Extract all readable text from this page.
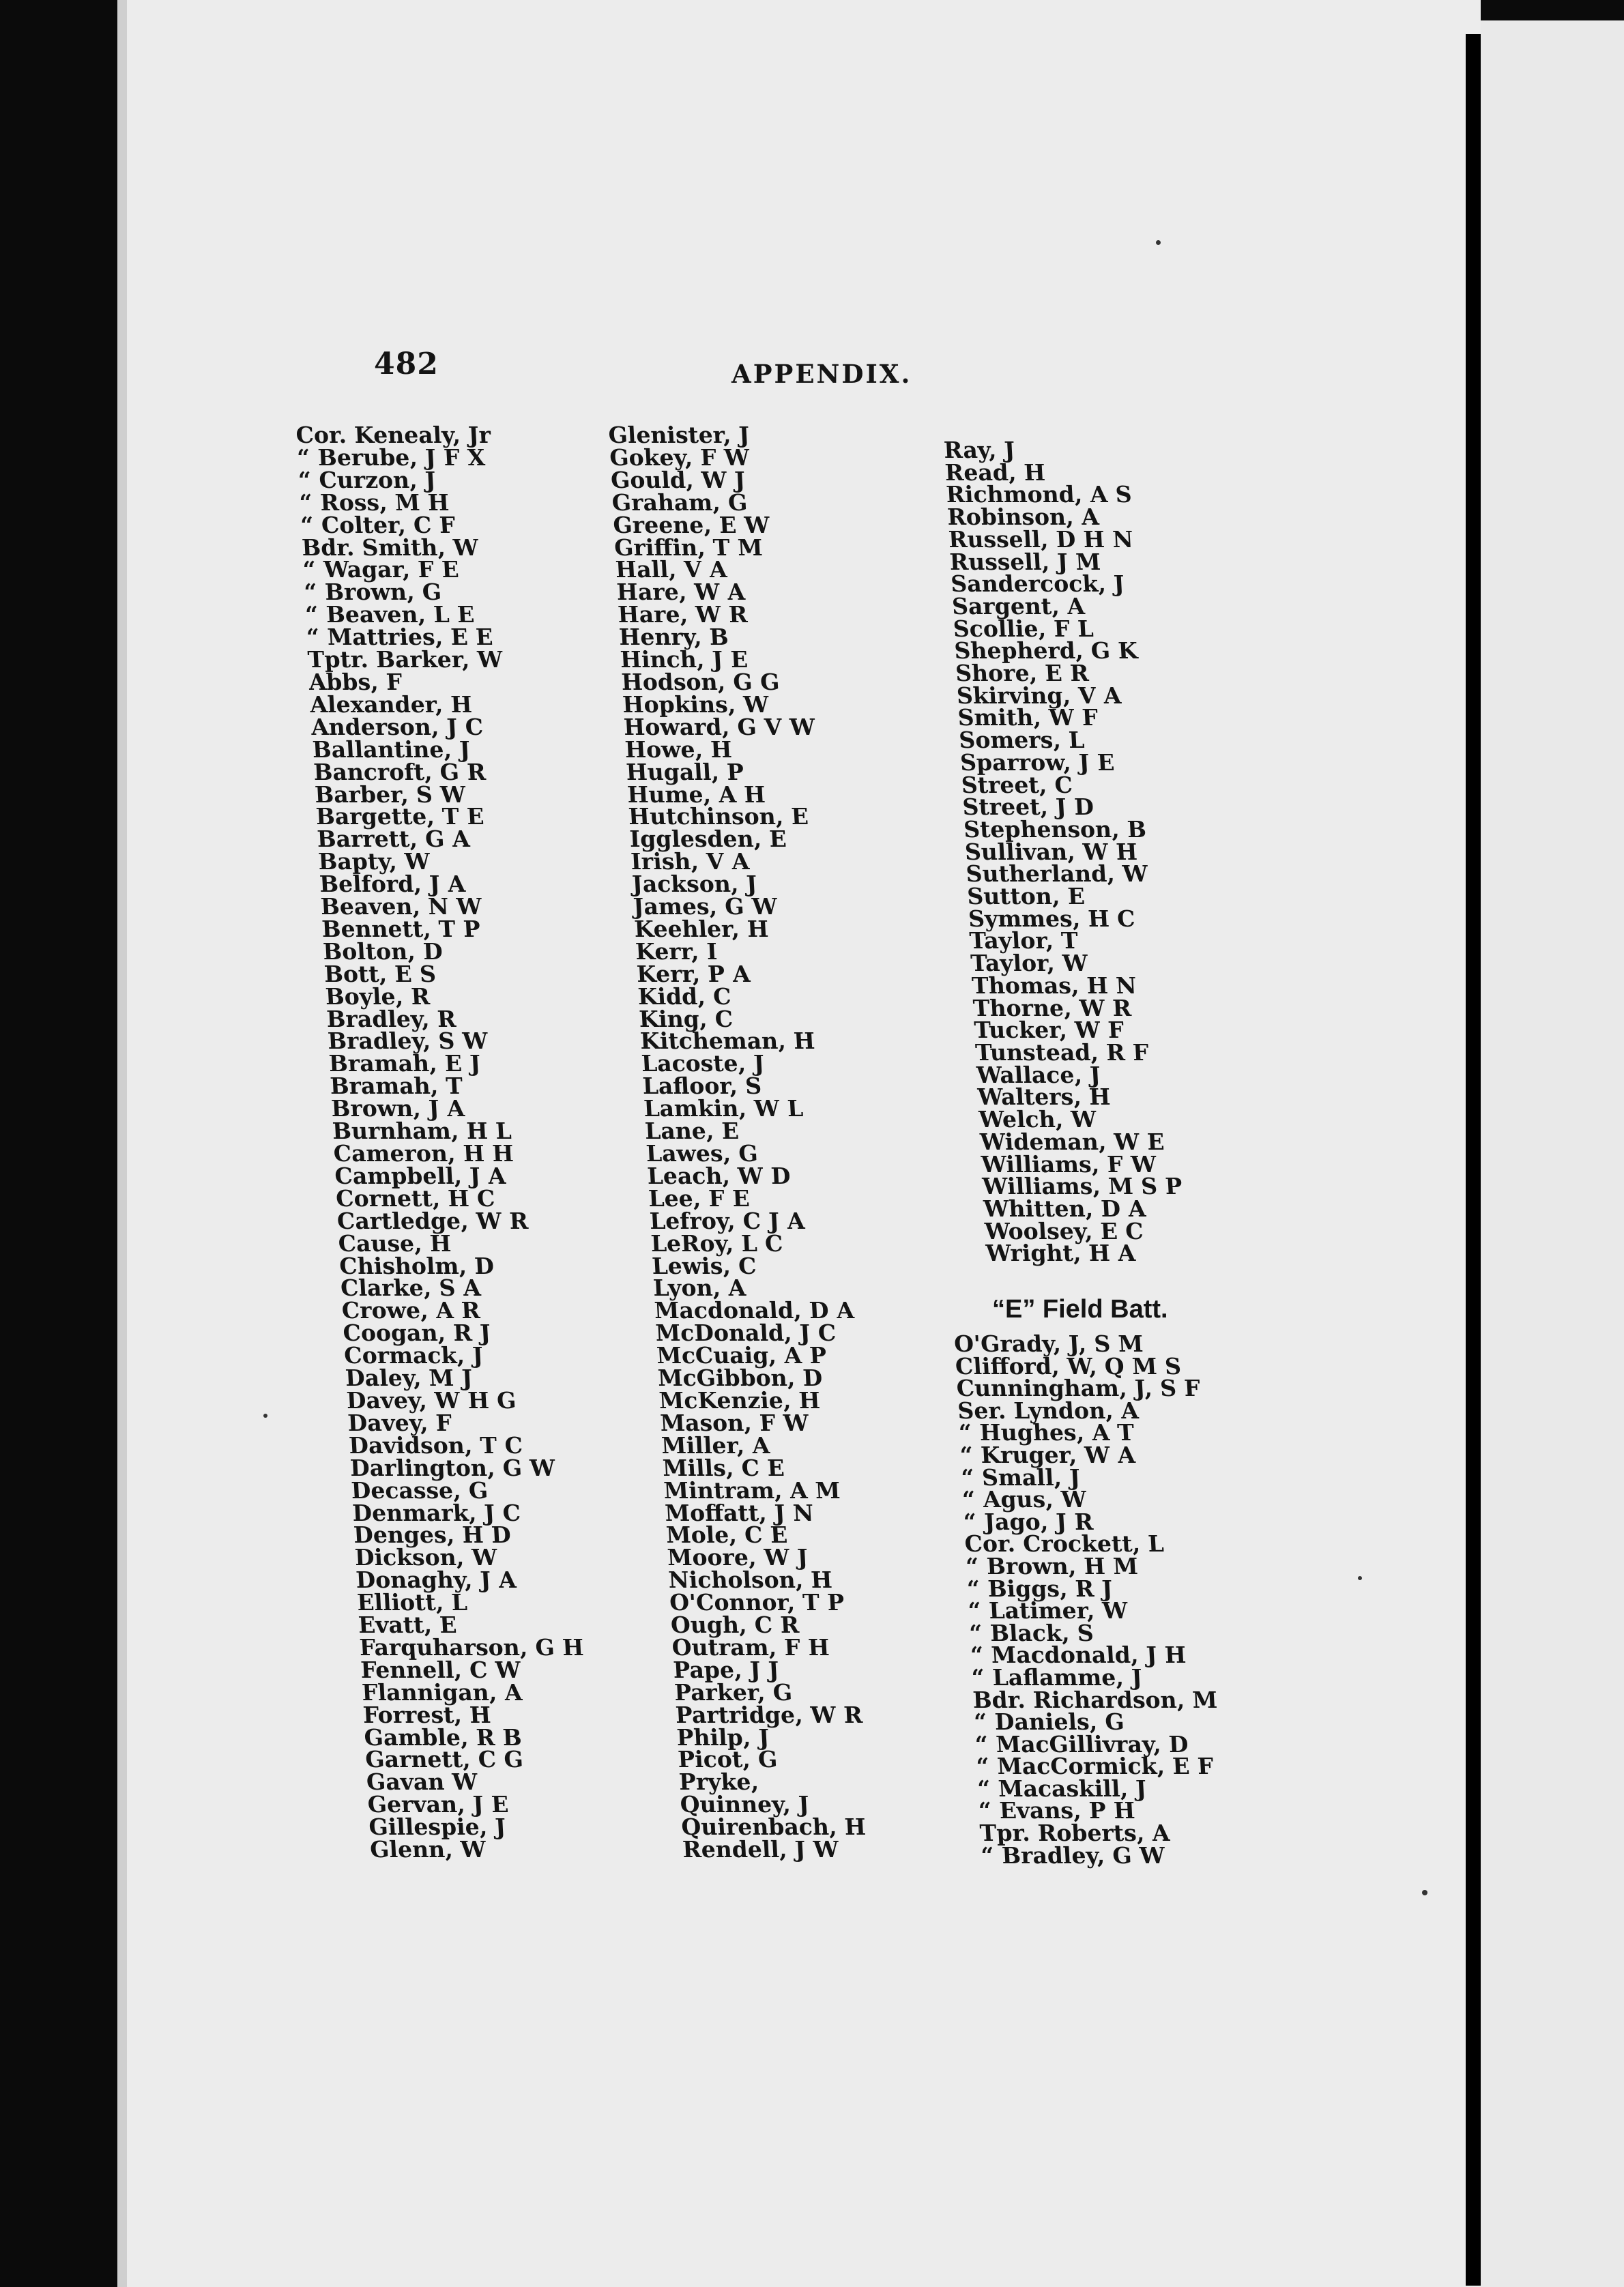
482	APPENDIX.
Cor. Kenealy, Jr
“ Berube, J F X
“ Curzon, J
“ Ross, M H
“ Colter, C F
Bdr. Smith, W
“ Wagar, F E
“ Brown, G
“ Beaven, L E
“ Mattries, E E
Tptr. Barker, W
Abbs, F
Alexander, H
Anderson, J C
Ballantine, J
Bancroft, G R
Barber, S W
Bargette, T E
Barrett, G A
Bapty, W
Belford, J A
Beaven, N W
Bennett, T P
Bolton, D
Bott, E S
Boyle, R
Bradley, R
Bradley, S W
Bramah, E J
Bramah, T
Brown, J A
Burnham, H L
Cameron, H H
Campbell, J A
Cornett, H C
Cartledge, W R
Cause, H
Chisholm, D
Clarke, S A
Crowe, A R
Coogan, R J
Cormack, J
Daley, M J
Davey, W H G
Davey, F
Davidson, T C
Darlington, G W
Decasse, G
Denmark, J C
Denges, H D
Dickson, W
Donaghy, J A
Elliott, L
Evatt, E
Farquharson, G H
Fennell, C W
Flannigan, A
Forrest, H
Gamble, R B
Garnett, C G
Gavan W
Gervan, J E
Gillespie, J
Glenn, W
Glenister, J
Gokey, F W
Gould, W J
Graham, G
Greene, E W
Griffin, T M
Hall, V A
Hare, W A
Hare, W R
Henry, B
Hinch, J E
Hodson, G G
Hopkins, W
Howard, G V W
Howe, H
Hugall, P
Hume, A H
Hutchinson, E
Igglesden, E
Irish, V A
Jackson, J
James, G W
Keehler, H
Kerr, I
Kerr, P A
Kidd, C
King, C
Kitcheman, H
Lacoste, J
Lafloor, S
Lamkin, W L
Lane, E
Lawes, G
Leach, W D
Lee, F E
Lefroy, C J A
LeRoy, L C
Lewis, C
Lyon, A
Macdonald, D A
McDonald, J C
McCuaig, A P
McGibbon, D
McKenzie, H
Mason, F W
Miller, A
Mills, C E
Mintram, A M
Moffatt, J N
Mole, C E
Moore, W J
Nicholson, H
O'Connor, T P
Ough, C R
Outram, F H
Pape, J J
Parker, G
Partridge, W R
Philp, J
Picot, G
Pryke,
Quinney, J
Quirenbach, H
Rendell, J W
Ray, J
Read, H
Richmond, A S
Robinson, A
Russell, D H N
Russell, J M
Sandercock, J
Sargent, A
Scollie, F L
Shepherd, G K
Shore, E R
Skirving, V A
Smith, W F
Somers, L
Sparrow, J E
Street, C
Street, J D
Stephenson, B
Sullivan, W H
Sutherland, W
Sutton, E
Symmes, H C
Taylor, T
Taylor, W
Thomas, H N
Thorne, W R
Tucker, W F
Tunstead, R F
Wallace, J
Walters, H
Welch, W
Wideman, W E
Williams, F W
Williams, M S P
Whitten, D A
Woolsey, E C
Wright, H A
“E” Field Batt.
O'Grady, J, S M
Clifford, W, Q M S
Cunningham, J, S F
Ser. Lyndon, A
“ Hughes, A T
“ Kruger, W A
“ Small, J
“ Agus, W
“ Jago, J R
Cor. Crockett, L
“ Brown, H M
“ Biggs, R J
“ Latimer, W
“ Black, S
“ Macdonald, J H
“ Laflamme, J
Bdr. Richardson, M
“ Daniels, G
“ MacGillivray, D
“ MacCormick, E F
“ Macaskill, J
“ Evans, P H
Tpr. Roberts, A
“ Bradley, G W
